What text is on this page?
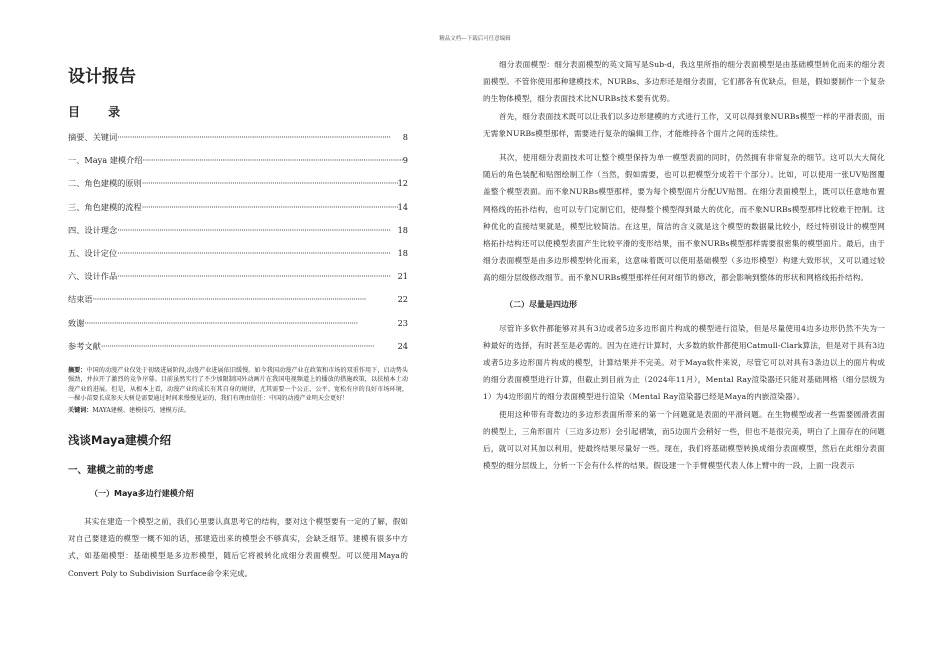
精品文档---下载后可任意编辑
设计报告
目 录
摘要、关键词 ·····	8
一、Maya 建模介绍 ·····	9
二、角色建模的原则 ·····	12
三、角色建模的流程 ·····	14
四、设计理念 ·····	18
五、设计定位 ·····	18
六、设计作品 ·····	21
结束语 ·····	22
致谢 ·····	23
参考文献 ·····	24
摘要：中国的动漫产业仅处于初级进展阶段,动漫产业进展依旧缓慢。如今我国动漫产业在政策和市场的双重作用下，启动势头强劲，并拉开了激烈的竞争序幕。目前虽然实行了不少加限制国外动画片在我国电视频道上的播放的措施政策，以扶植本土动漫产业的进展。但是，从根本上看，动漫产业的成长有其自身的规律，尤其需要一个公正、公平、宽松有序的良好市场环境，一棵小苗要长成参天大树是需要通过时间来慢慢见证的，我们有理由信任：中国的动漫产业明天会更好！
关键词：MAYA建模、建模技巧、建模方法。
浅谈Maya建模介绍
一、建模之前的考虑
（一）Maya多边行建模介绍

其实在建造一个模型之前，我们心里要认真思考它的结构，要对这个模型要有一定的了解，假如对自己要建造的模型一概不知的话，那建造出来的模型会不够真实，会缺乏细节。建模有很多中方式，如基础模型：基础模型是多边形模型，随后它将被转化成细分表面模型。可以使用Maya的Convert Poly to Subdivision Surface命令来完成。

细分表面模型：细分表面模型的英文简写是Sub-d，我这里所指的细分表面模型是由基础模型转化而来的细分表面模型。不管你使用那种建模技术，NURBs、多边形还是细分表面，它们都各有优缺点，但是，假如要制作一个复杂的生物体模型，细分表面技术比NURBs技术要有优势。

首先，细分表面技术既可以让我们以多边形建模的方式进行工作，又可以得到象NURBs模型一样的平滑表面，而无需象NURBs模型那样，需要进行复杂的编辑工作，才能维持各个面片之间的连续性。

其次，使用细分表面技术可让整个模型保持为单一模型表面的同时，仍然拥有非常复杂的细节。这可以大大简化随后的角色装配和贴图绘制工作（当然，假如需要，也可以把模型分成若干个部分）。比如，可以使用一张UV贴图覆盖整个模型表面。而不象NURBs模型那样，要为每个模型面片分配UV贴图。在细分表面模型上，既可以任意地布置网格线的拓扑结构，也可以专门定制它们，使得整个模型得到最大的优化，而不象NURBs模型那样比较难于控制。这种优化的直接结果就是，模型比较简洁。在这里，简洁的含义就是这个模型的数据量比较小，经过特别设计的模型网格拓扑结构还可以使模型表面产生比较平滑的变形结果，而不象NURBs模型那样需要很密集的模型面片。最后，由于细分表面模型是由多边形模型转化而来，这意味着既可以使用基础模型（多边形模型）构建大致形状，又可以通过较高的细分层级修改细节。而不象NURBs模型那样任何对细节的修改，都会影响到整体的形状和网格线拓扑结构。

（二）尽量是四边形

尽管许多软件都能够对具有3边或者5边多边形面片构成的模型进行渲染，但是尽量使用4边多边形仍然不失为一种最好的选择，有时甚至是必需的。因为在进行计算时，大多数的软件都使用Catmull-Clark算法，但是对于具有3边或者5边多边形面片构成的模型，计算结果并不完美。对于Maya软件来说，尽管它可以对具有3条边以上的面片构成的细分表面模型进行计算，但截止到目前为止（2024年11月），Mental Ray渲染器还只能对基础网格（细分层级为1）为4边形面片的细分表面模型进行渲染（Mental Ray渲染器已经是Maya的内嵌渲染器）。

使用这种带有奇数边的多边形表面所带来的第一个问题就是表面的平滑问题。在生物模型或者一些需要圆滑表面的模型上，三角形面片（三边多边形）会引起褶皱，而5边面片会稍好一些，但也不是很完美，明白了上面存在的问题后，就可以对其加以利用，使最终结果尽量好一些。现在，我们将基础模型转换成细分表面模型，然后在此细分表面模型的细分层级上，分析一下会有什么样的结果。假设建一个手臂模型代表人体上臂中的一段，上面一段表示
